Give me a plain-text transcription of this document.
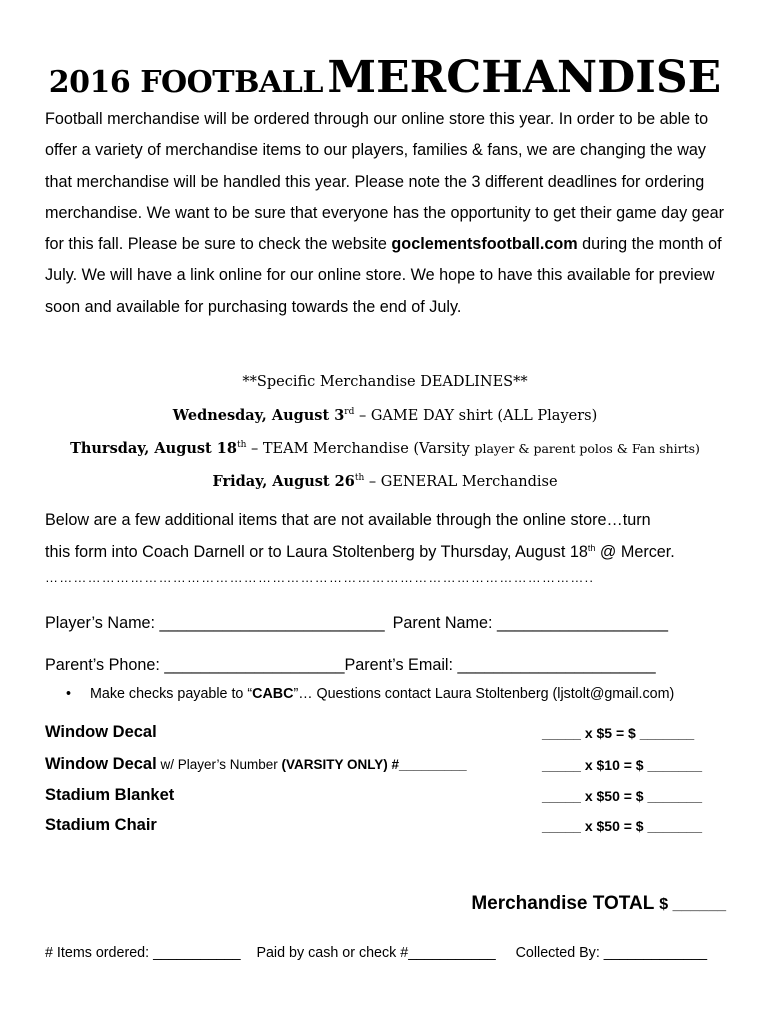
2016 FOOTBALL MERCHANDISE

Football merchandise will be ordered through our online store this year. In order to be able to offer a variety of merchandise items to our players, families & fans, we are changing the way that merchandise will be handled this year. Please note the 3 different deadlines for ordering merchandise. We want to be sure that everyone has the opportunity to get their game day gear for this fall. Please be sure to check the website goclementsfootball.com during the month of July. We will have a link online for our online store. We hope to have this available for preview soon and available for purchasing towards the end of July.

**Specific Merchandise DEADLINES**
Wednesday, August 3rd – GAME DAY shirt (ALL Players)
Thursday, August 18th – TEAM Merchandise (Varsity player & parent polos & Fan shirts)
Friday, August 26th – GENERAL Merchandise

Below are a few additional items that are not available through the online store…turn

this form into Coach Darnell or to Laura Stoltenberg by Thursday, August 18th @ Mercer.

……………………………………………………………………………………………………..
Player’s Name: _________________________ Parent Name: ___________________
Parent’s Phone: ____________________Parent’s Email: ______________________
• Make checks payable to “CABC”… Questions contact Laura Stoltenberg (ljstolt@gmail.com)
Window Decal	_____ x $5 = $ _______
Window Decal w/ Player’s Number (VARSITY ONLY) #_________	_____ x $10 = $ _______
Stadium Blanket	_____ x $50 = $ _______
Stadium Chair	_____ x $50 = $ _______
Merchandise TOTAL $ ______
# Items ordered: ___________ Paid by cash or check #___________ Collected By: _____________
